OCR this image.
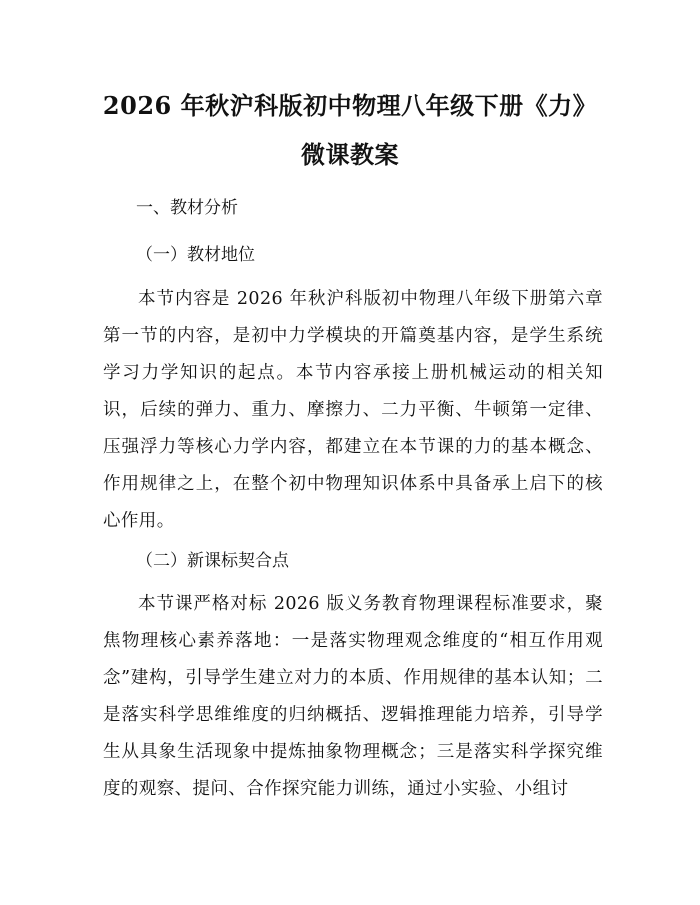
2026 年秋沪科版初中物理八年级下册《力》
微课教案
一、教材分析
（一）教材地位

本节内容是 2026 年秋沪科版初中物理八年级下册第六章第一节的内容，是初中力学模块的开篇奠基内容，是学生系统学习力学知识的起点。本节内容承接上册机械运动的相关知识，后续的弹力、重力、摩擦力、二力平衡、牛顿第一定律、压强浮力等核心力学内容，都建立在本节课的力的基本概念、作用规律之上，在整个初中物理知识体系中具备承上启下的核心作用。

（二）新课标契合点

本节课严格对标 2026 版义务教育物理课程标准要求，聚焦物理核心素养落地：一是落实物理观念维度的“相互作用观念”建构，引导学生建立对力的本质、作用规律的基本认知；二是落实科学思维维度的归纳概括、逻辑推理能力培养，引导学生从具象生活现象中提炼抽象物理概念；三是落实科学探究维度的观察、提问、合作探究能力训练，通过小实验、小组讨
